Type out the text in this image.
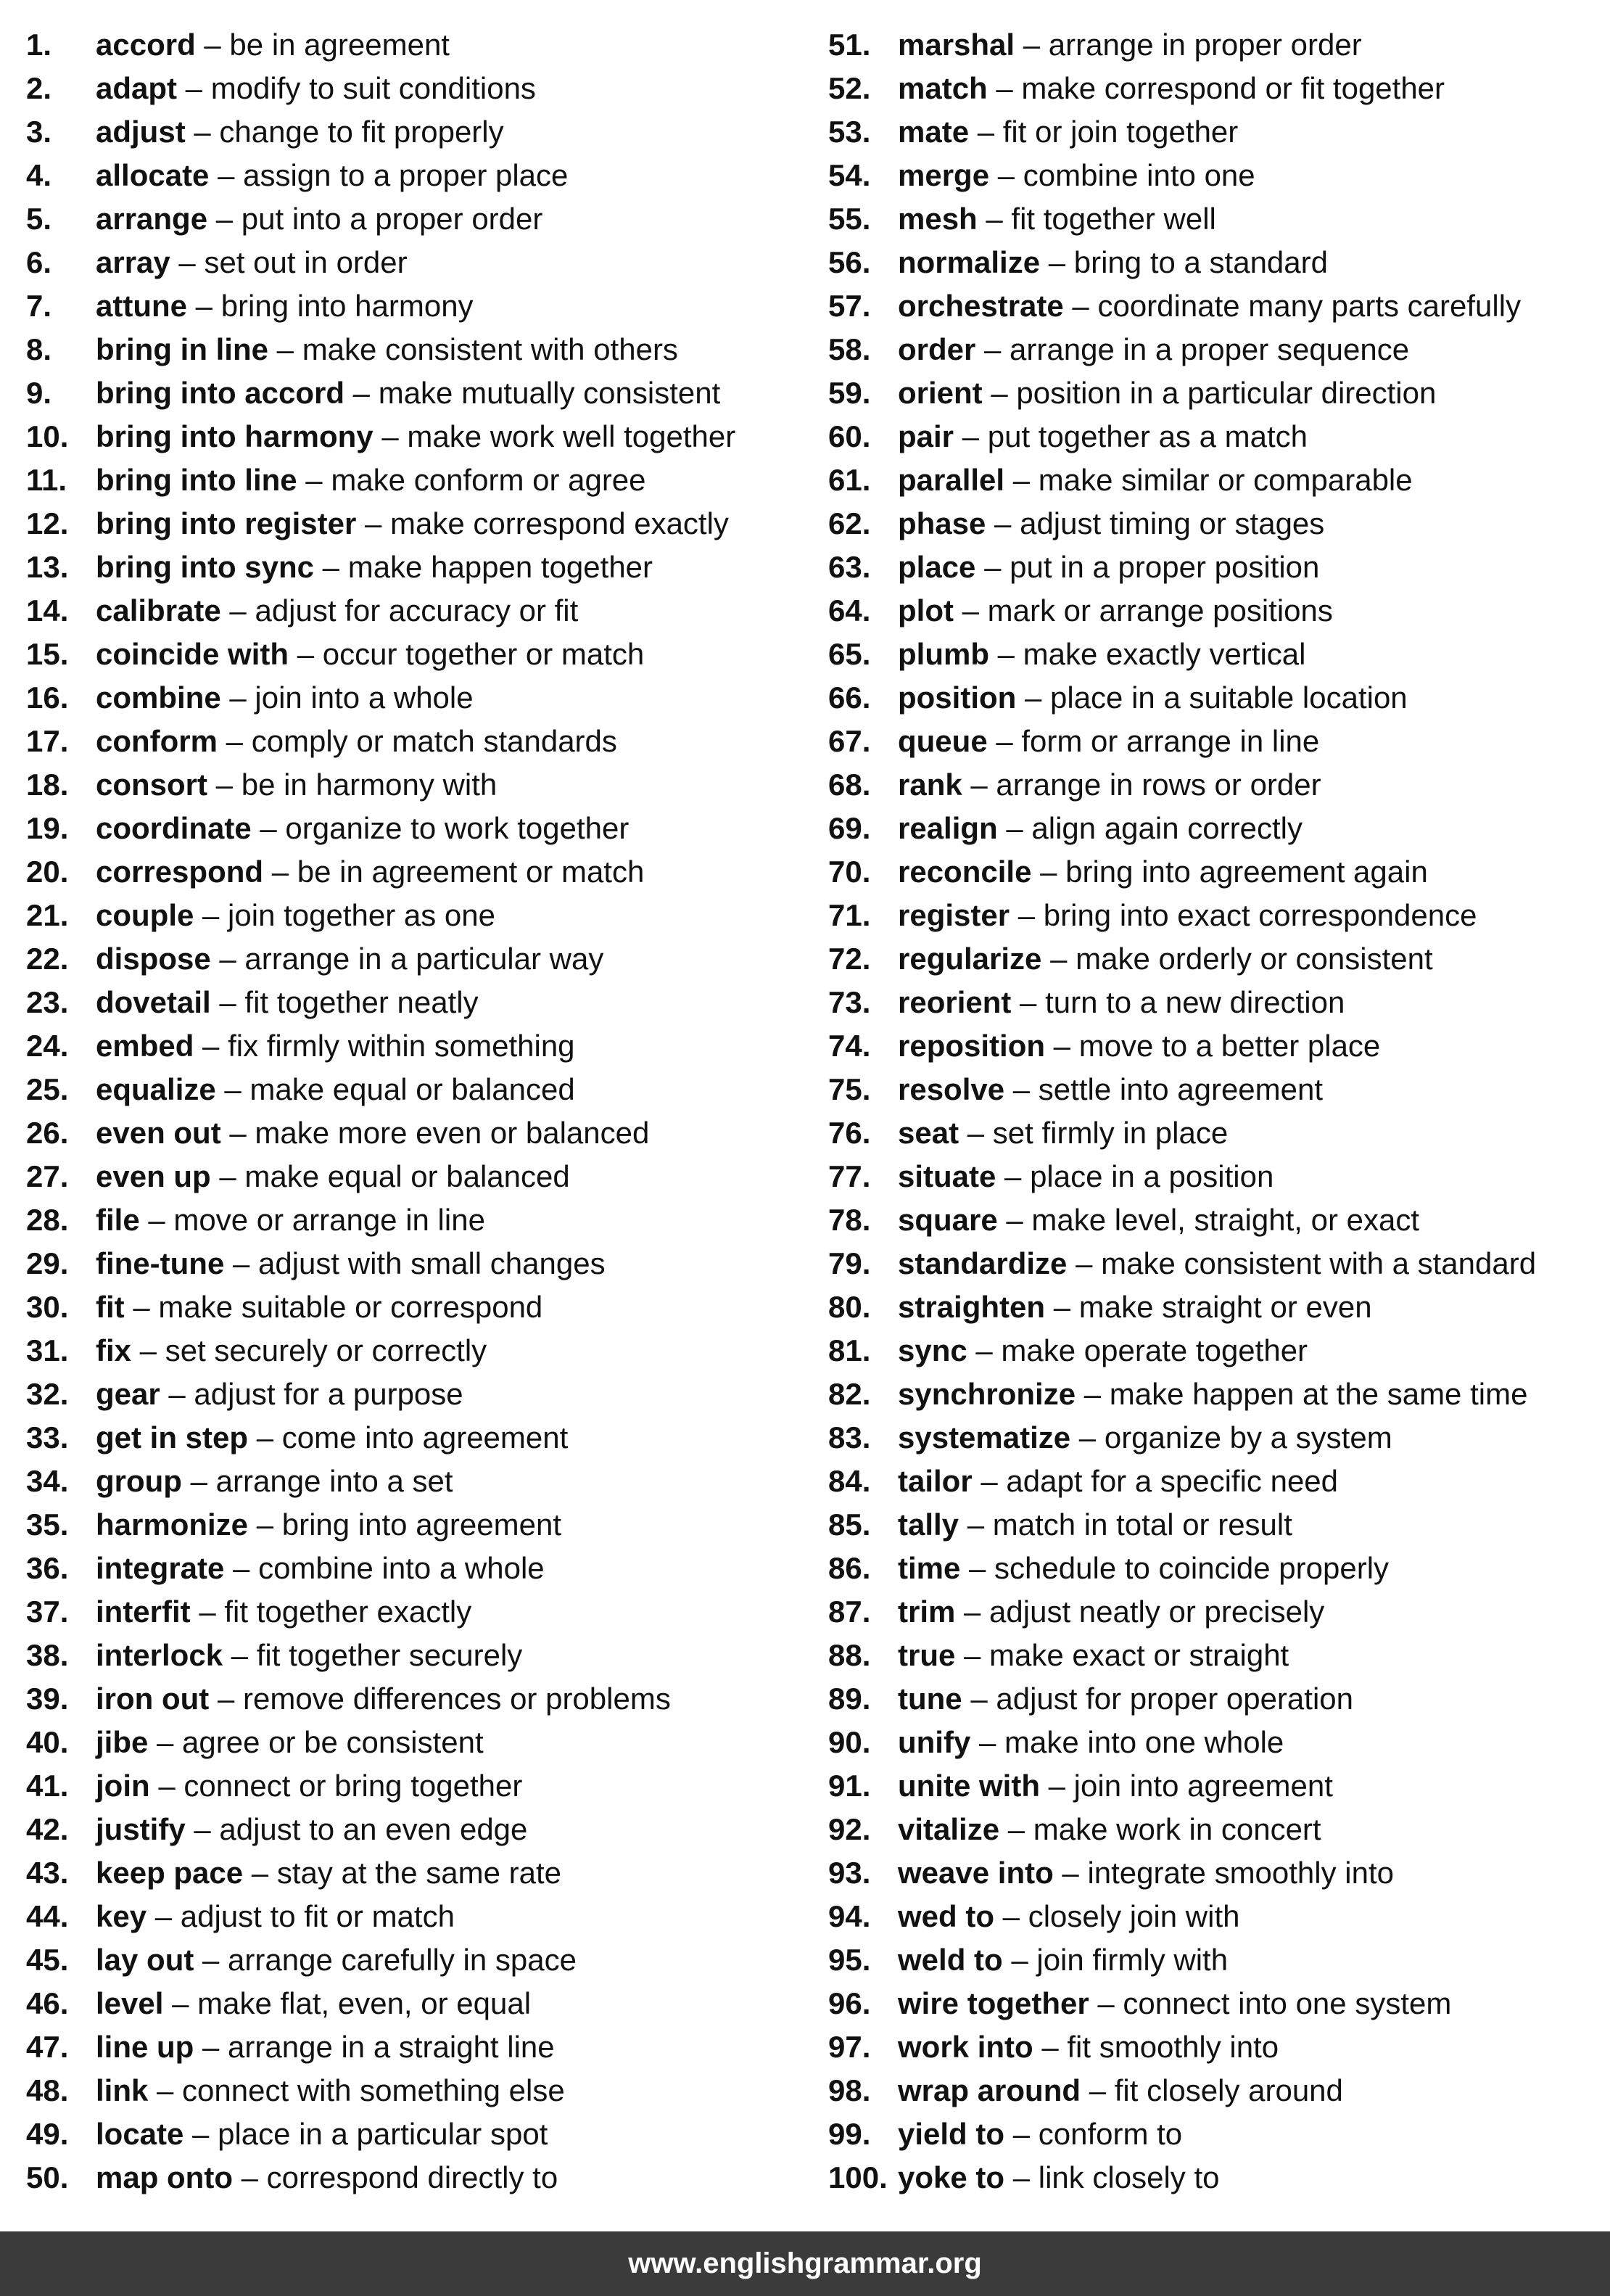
1. accord – be in agreement
2. adapt – modify to suit conditions
3. adjust – change to fit properly
4. allocate – assign to a proper place
5. arrange – put into a proper order
6. array – set out in order
7. attune – bring into harmony
8. bring in line – make consistent with others
9. bring into accord – make mutually consistent
10. bring into harmony – make work well together
11. bring into line – make conform or agree
12. bring into register – make correspond exactly
13. bring into sync – make happen together
14. calibrate – adjust for accuracy or fit
15. coincide with – occur together or match
16. combine – join into a whole
17. conform – comply or match standards
18. consort – be in harmony with
19. coordinate – organize to work together
20. correspond – be in agreement or match
21. couple – join together as one
22. dispose – arrange in a particular way
23. dovetail – fit together neatly
24. embed – fix firmly within something
25. equalize – make equal or balanced
26. even out – make more even or balanced
27. even up – make equal or balanced
28. file – move or arrange in line
29. fine-tune – adjust with small changes
30. fit – make suitable or correspond
31. fix – set securely or correctly
32. gear – adjust for a purpose
33. get in step – come into agreement
34. group – arrange into a set
35. harmonize – bring into agreement
36. integrate – combine into a whole
37. interfit – fit together exactly
38. interlock – fit together securely
39. iron out – remove differences or problems
40. jibe – agree or be consistent
41. join – connect or bring together
42. justify – adjust to an even edge
43. keep pace – stay at the same rate
44. key – adjust to fit or match
45. lay out – arrange carefully in space
46. level – make flat, even, or equal
47. line up – arrange in a straight line
48. link – connect with something else
49. locate – place in a particular spot
50. map onto – correspond directly to
51. marshal – arrange in proper order
52. match – make correspond or fit together
53. mate – fit or join together
54. merge – combine into one
55. mesh – fit together well
56. normalize – bring to a standard
57. orchestrate – coordinate many parts carefully
58. order – arrange in a proper sequence
59. orient – position in a particular direction
60. pair – put together as a match
61. parallel – make similar or comparable
62. phase – adjust timing or stages
63. place – put in a proper position
64. plot – mark or arrange positions
65. plumb – make exactly vertical
66. position – place in a suitable location
67. queue – form or arrange in line
68. rank – arrange in rows or order
69. realign – align again correctly
70. reconcile – bring into agreement again
71. register – bring into exact correspondence
72. regularize – make orderly or consistent
73. reorient – turn to a new direction
74. reposition – move to a better place
75. resolve – settle into agreement
76. seat – set firmly in place
77. situate – place in a position
78. square – make level, straight, or exact
79. standardize – make consistent with a standard
80. straighten – make straight or even
81. sync – make operate together
82. synchronize – make happen at the same time
83. systematize – organize by a system
84. tailor – adapt for a specific need
85. tally – match in total or result
86. time – schedule to coincide properly
87. trim – adjust neatly or precisely
88. true – make exact or straight
89. tune – adjust for proper operation
90. unify – make into one whole
91. unite with – join into agreement
92. vitalize – make work in concert
93. weave into – integrate smoothly into
94. wed to – closely join with
95. weld to – join firmly with
96. wire together – connect into one system
97. work into – fit smoothly into
98. wrap around – fit closely around
99. yield to – conform to
100. yoke to – link closely to
www.englishgrammar.org
